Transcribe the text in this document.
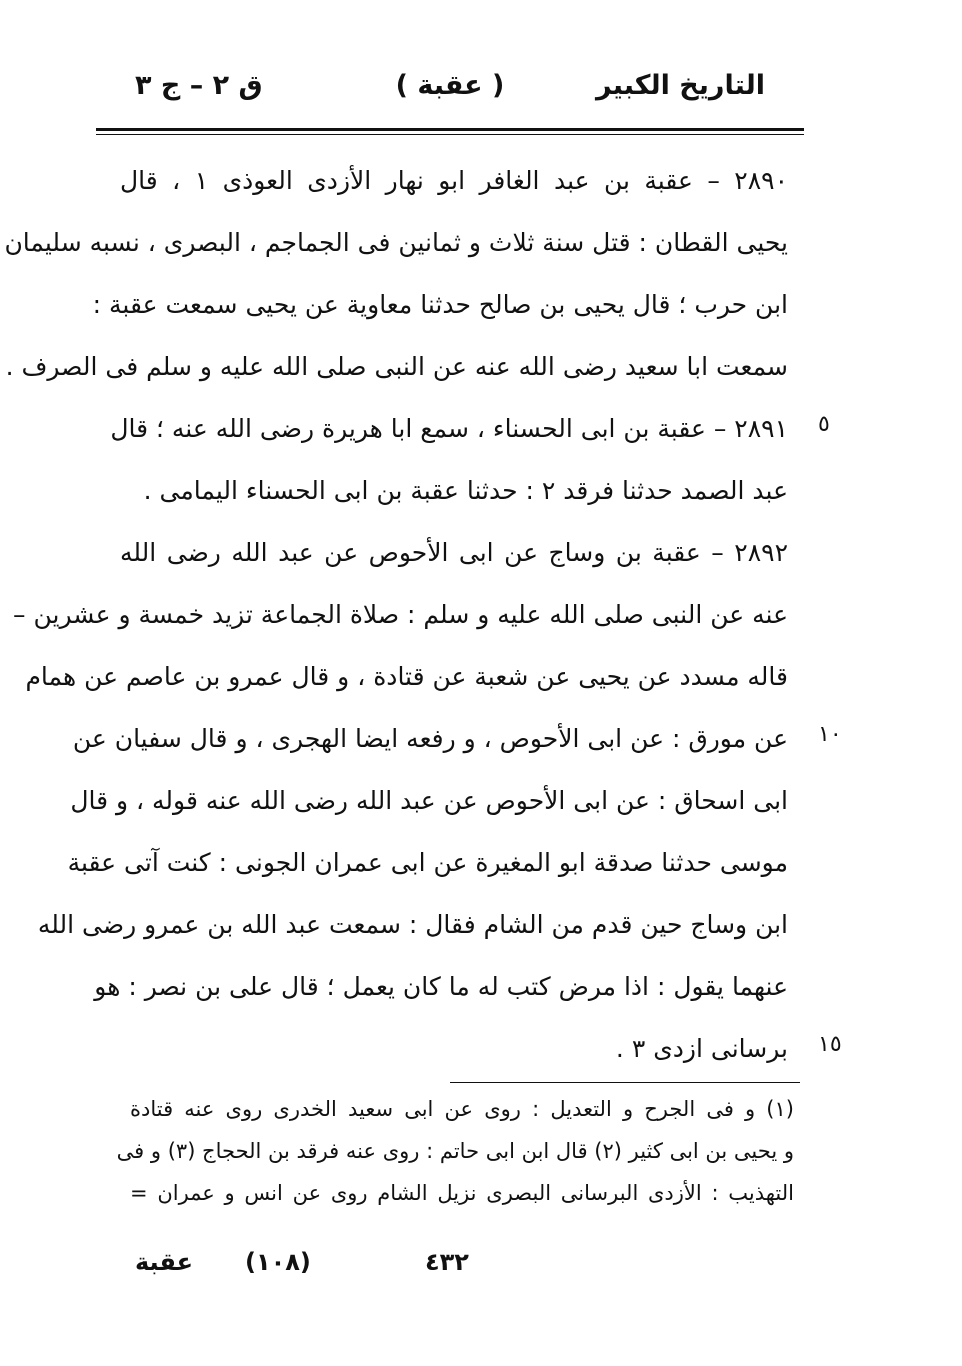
التاريخ الكبير
( عقبة )
ق ٢ – ج ٣
٢٨٩٠ – عقبة بن عبد الغافر ابو نهار الأزدى العوذى ١ ، قال
يحيى القطان : قتل سنة ثلاث و ثمانين فى الجماجم ، البصرى ، نسبه سليمان
ابن حرب ؛ قال يحيى بن صالح حدثنا معاوية عن يحيى سمعت عقبة :
سمعت ابا سعيد رضى الله عنه عن النبى صلى الله عليه و سلم فى الصرف .
٢٨٩١ – عقبة بن ابى الحسناء ، سمع ابا هريرة رضى الله عنه ؛ قال
عبد الصمد حدثنا فرقد ٢ : حدثنا عقبة بن ابى الحسناء اليمامى .
٢٨٩٢ – عقبة بن وساج عن ابى الأحوص عن عبد الله رضى الله
عنه عن النبى صلى الله عليه و سلم : صلاة الجماعة تزيد خمسة و عشرين –
قاله مسدد عن يحيى عن شعبة عن قتادة ، و قال عمرو بن عاصم عن همام
عن مورق : عن ابى الأحوص ، و رفعه ايضا الهجرى ، و قال سفيان عن
ابى اسحاق : عن ابى الأحوص عن عبد الله رضى الله عنه قوله ، و قال
موسى حدثنا صدقة ابو المغيرة عن ابى عمران الجونى : كنت آتى عقبة
ابن وساج حين قدم من الشام فقال : سمعت عبد الله بن عمرو رضى الله
عنهما يقول : اذا مرض كتب له ما كان يعمل ؛ قال على بن نصر : هو
برسانى ازدى ٣ .
٥
١٠
١٥
(١) و فى الجرح و التعديل : روى عن ابى سعيد الخدرى روى عنه قتادة
و يحيى بن ابى كثير (٢) قال ابن ابى حاتم : روى عنه فرقد بن الحجاج (٣) و فى
التهذيب : الأزدى البرسانى البصرى نزيل الشام روى عن انس و عمران =
٤٣٢
(١٠٨)
عقبة
